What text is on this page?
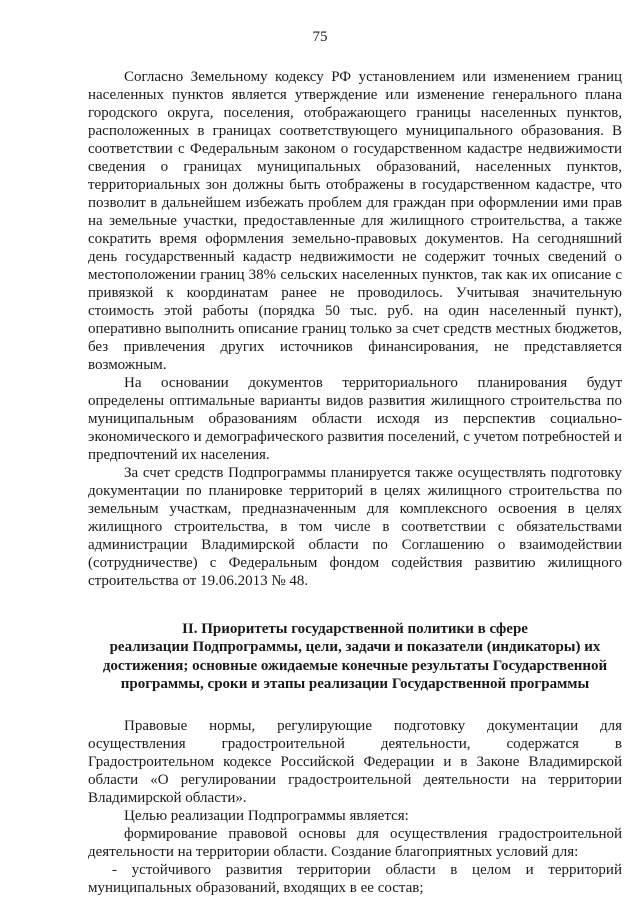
75

Согласно Земельному кодексу РФ установлением или изменением границ населенных пунктов является утверждение или изменение генерального плана городского округа, поселения, отображающего границы населенных пунктов, расположенных в границах соответствующего муниципального образования. В соответствии с Федеральным законом о государственном кадастре недвижимости сведения о границах муниципальных образований, населенных пунктов, территориальных зон должны быть отображены в государственном кадастре, что позволит в дальнейшем избежать проблем для граждан при оформлении ими прав на земельные участки, предоставленные для жилищного строительства, а также сократить время оформления земельно-правовых документов. На сегодняшний день государственный кадастр недвижимости не содержит точных сведений о местоположении границ 38% сельских населенных пунктов, так как их описание с привязкой к координатам ранее не проводилось. Учитывая значительную стоимость этой работы (порядка 50 тыс. руб. на один населенный пункт), оперативно выполнить описание границ только за счет средств местных бюджетов, без привлечения других источников финансирования, не представляется возможным.

На основании документов территориального планирования будут определены оптимальные варианты видов развития жилищного строительства по муниципальным образованиям области исходя из перспектив социально-экономического и демографического развития поселений, с учетом потребностей и предпочтений их населения.

За счет средств Подпрограммы планируется также осуществлять подготовку документации по планировке территорий в целях жилищного строительства по земельным участкам, предназначенным для комплексного освоения в целях жилищного строительства, в том числе в соответствии с обязательствами администрации Владимирской области по Соглашению о взаимодействии (сотрудничестве) с Федеральным фондом содействия развитию жилищного строительства от 19.06.2013 № 48.

II. Приоритеты государственной политики в сфере
реализации Подпрограммы, цели, задачи и показатели (индикаторы) их достижения; основные ожидаемые конечные результаты Государственной программы, сроки и этапы реализации Государственной программы

Правовые нормы, регулирующие подготовку документации для осуществления градостроительной деятельности, содержатся в Градостроительном кодексе Российской Федерации и в Законе Владимирской области «О регулировании градостроительной деятельности на территории Владимирской области».

Целью реализации Подпрограммы является:

формирование правовой основы для осуществления градостроительной деятельности на территории области. Создание благоприятных условий для:

- устойчивого развития территории области в целом и территорий муниципальных образований, входящих в ее состав;
